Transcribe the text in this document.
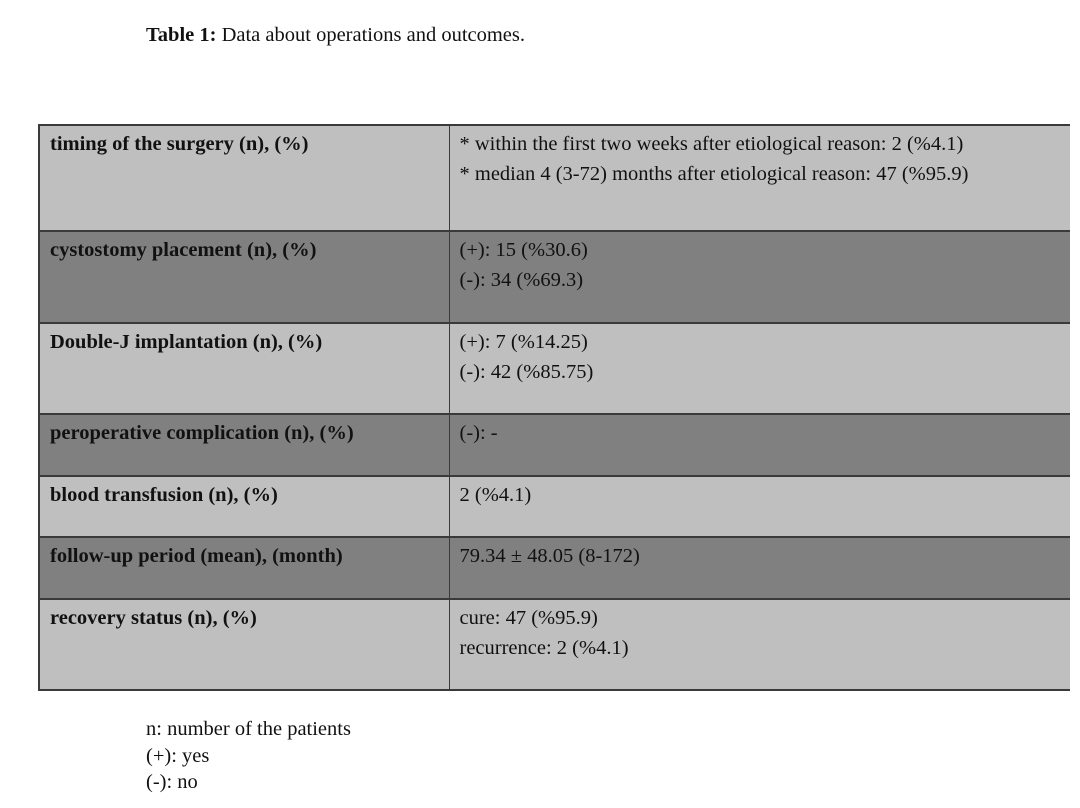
Table 1: Data about operations and outcomes.
timing of the surgery (n), (%)	* within the first two weeks after etiological reason: 2 (%4.1)
* median 4 (3-72) months after etiological reason: 47 (%95.9)

cystostomy placement (n), (%)	(+): 15 (%30.6)
(-): 34 (%69.3)

Double-J implantation (n), (%)	(+): 7 (%14.25)
(-): 42 (%85.75)

peroperative complication (n), (%)	(-): -

blood transfusion (n), (%)	2 (%4.1)

follow-up period (mean), (month)	79.34 ± 48.05 (8-172)

recovery status (n), (%)	cure: 47 (%95.9)
recurrence: 2 (%4.1)
n: number of the patients
(+): yes
(-): no
